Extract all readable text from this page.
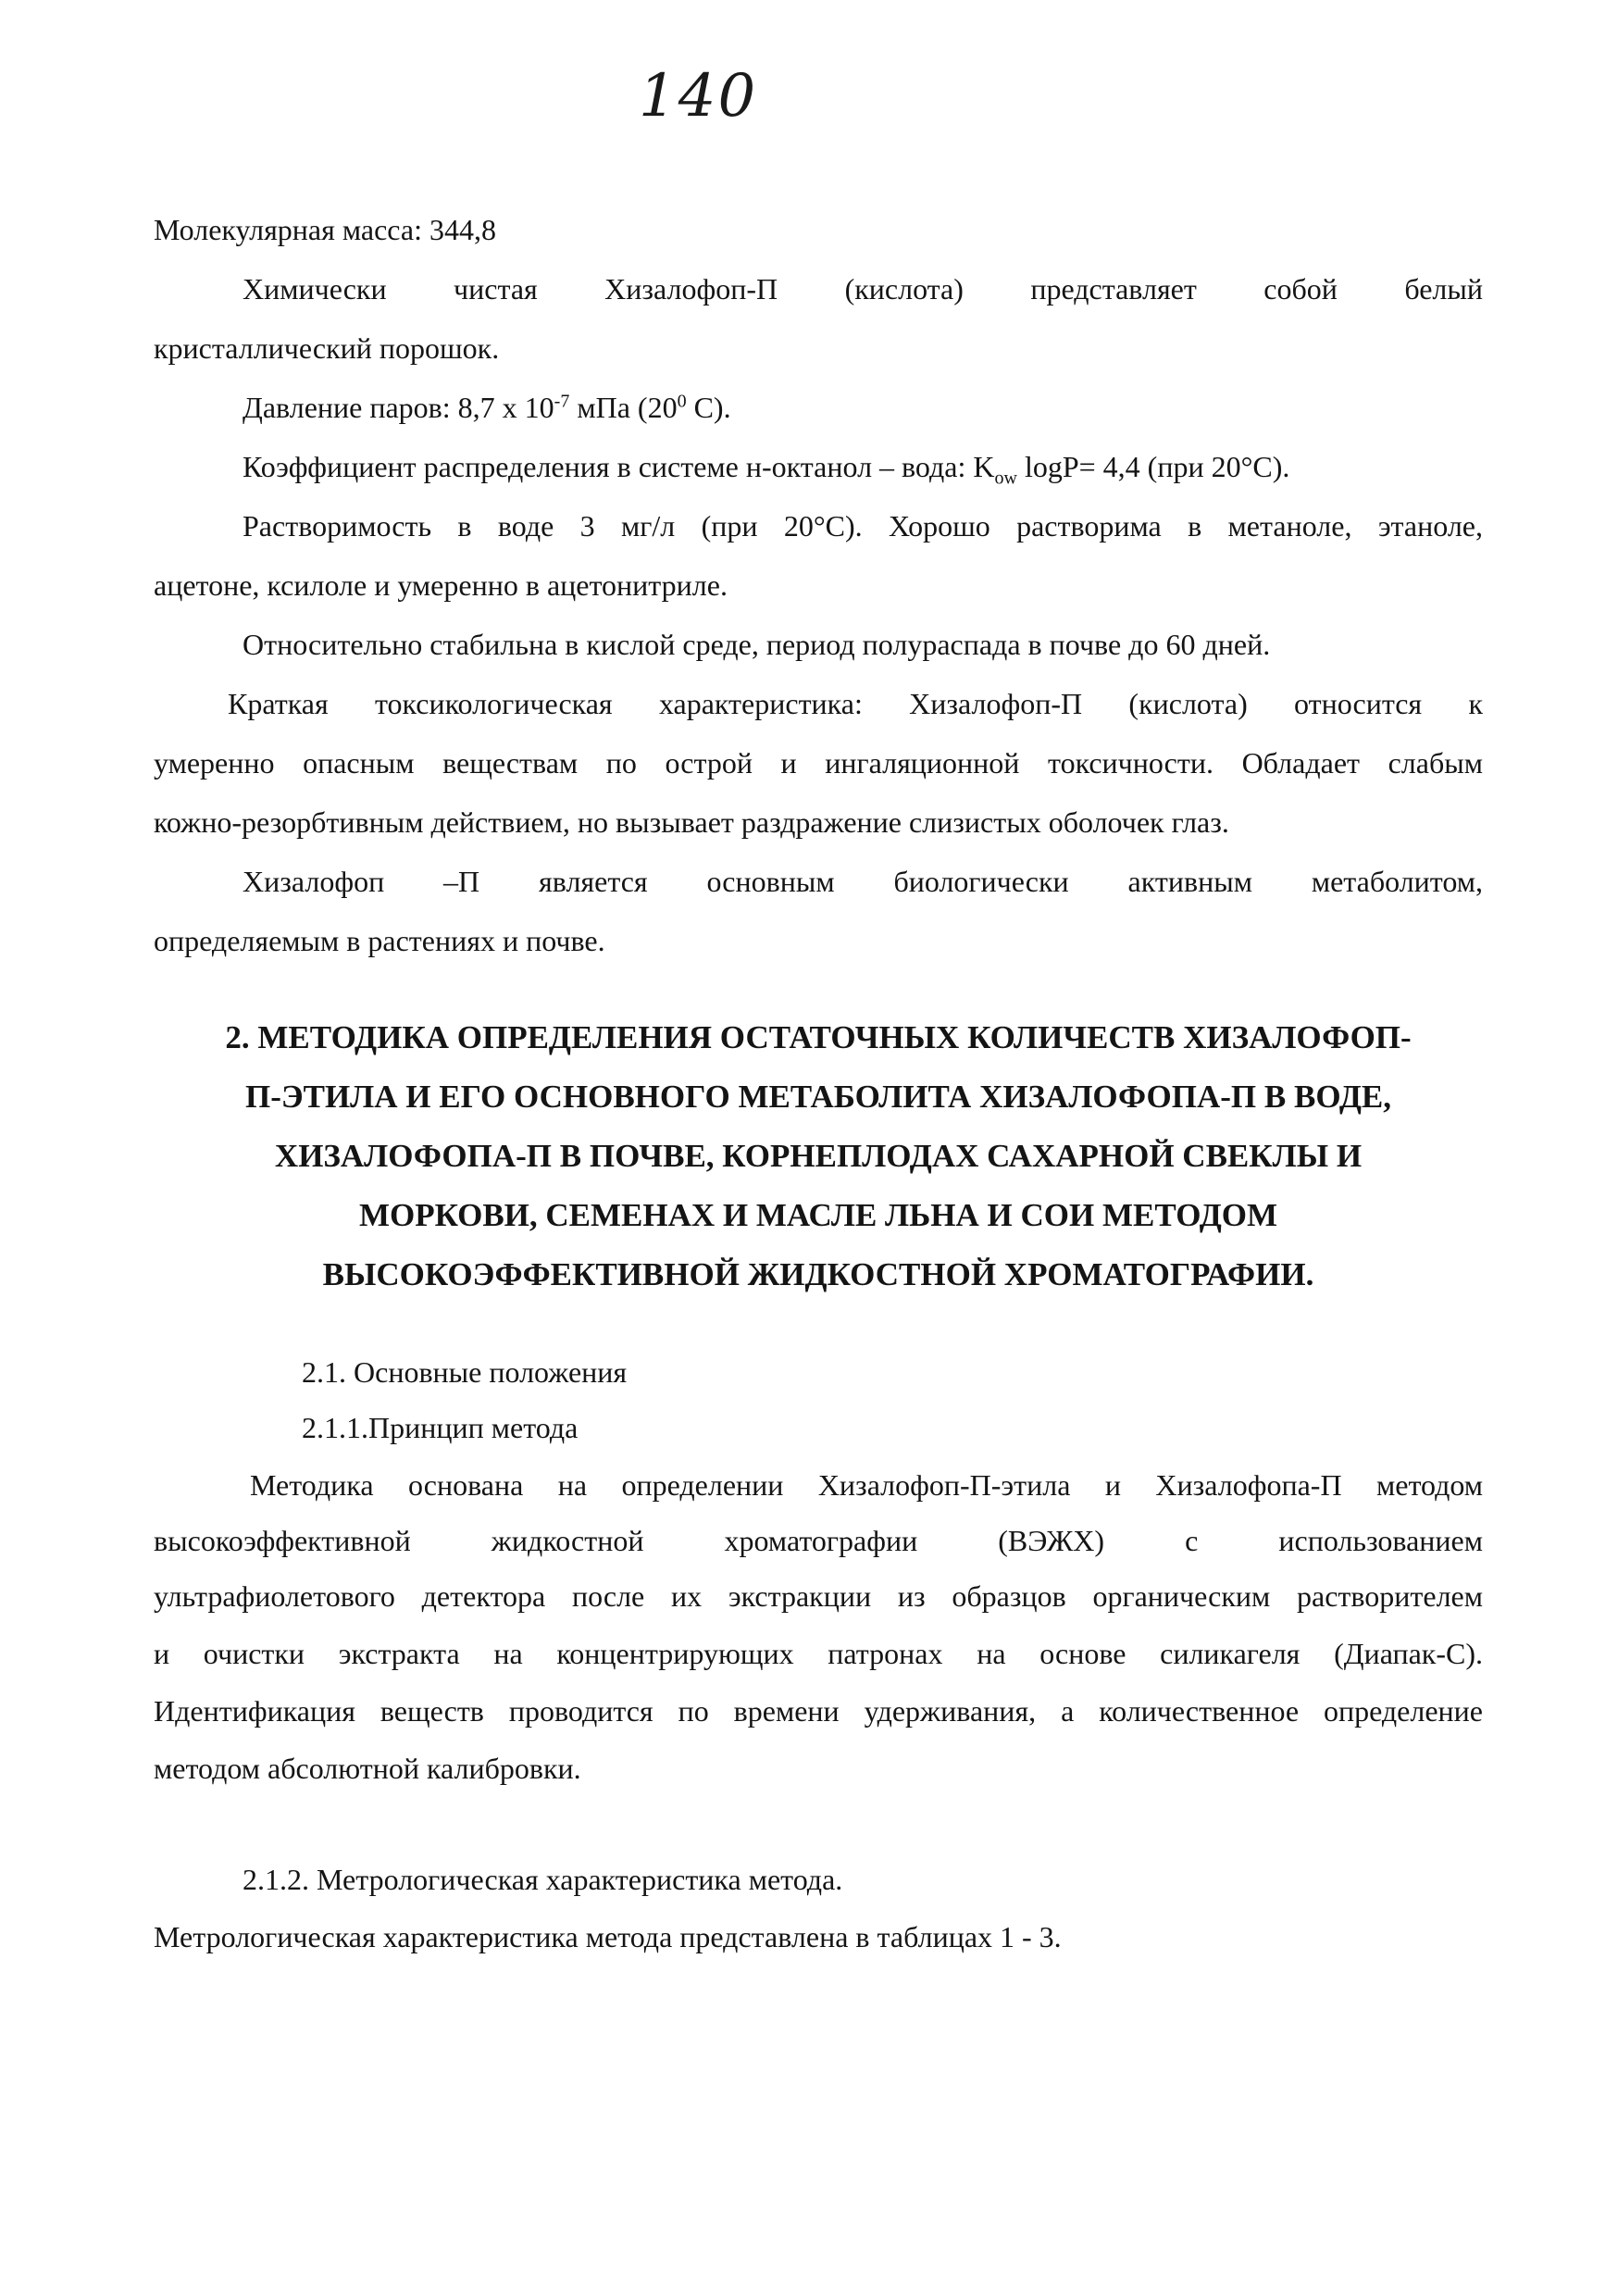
140
Молекулярная масса: 344,8
Химически чистая Хизалофоп-П (кислота) представляет собой белый
кристаллический порошок.
Давление паров: 8,7 х $10^{-7}$ мПа ($20^0$ С).
Коэффициент распределения в системе н-октанол – вода: $K_{ow}$ logP= 4,4 (при 20°С).
Растворимость в воде 3 мг/л (при 20°С). Хорошо растворима в метаноле, этаноле,
ацетоне, ксилоле и умеренно в ацетонитриле.
Относительно стабильна в кислой среде, период полураспада в почве до 60 дней.
Краткая токсикологическая характеристика: Хизалофоп-П (кислота) относится к
умеренно опасным веществам по острой и ингаляционной токсичности. Обладает слабым
кожно-резорбтивным действием, но вызывает раздражение слизистых оболочек глаз.
Хизалофоп –П является основным биологически активным метаболитом,
определяемым в растениях и почве.
2. МЕТОДИКА ОПРЕДЕЛЕНИЯ ОСТАТОЧНЫХ КОЛИЧЕСТВ ХИЗАЛОФОП-
П-ЭТИЛА И ЕГО ОСНОВНОГО МЕТАБОЛИТА ХИЗАЛОФОПА-П В ВОДЕ,
ХИЗАЛОФОПА-П В ПОЧВЕ, КОРНЕПЛОДАХ САХАРНОЙ СВЕКЛЫ И
МОРКОВИ, СЕМЕНАХ И МАСЛЕ ЛЬНА И СОИ МЕТОДОМ
ВЫСОКОЭФФЕКТИВНОЙ ЖИДКОСТНОЙ ХРОМАТОГРАФИИ.
2.1. Основные положения
2.1.1.Принцип метода
Методика основана на определении Хизалофоп-П-этила и Хизалофопа-П методом
высокоэффективной жидкостной хроматографии (ВЭЖХ) с использованием
ультрафиолетового детектора после их экстракции из образцов органическим растворителем
и очистки экстракта на концентрирующих патронах на основе силикагеля (Диапак-С).
Идентификация веществ проводится по времени удерживания, а количественное определение
методом абсолютной калибровки.
2.1.2. Метрологическая характеристика метода.
Метрологическая характеристика метода представлена в таблицах 1 - 3.
